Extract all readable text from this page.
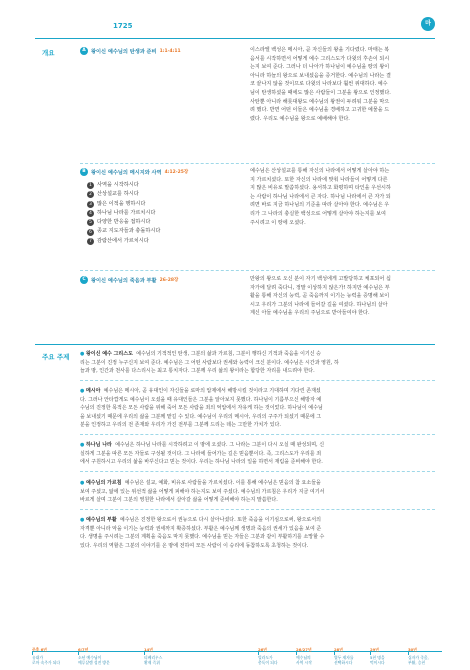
1725	마
개요	A	왕이신 예수님의 탄생과 준비 1:1-4:11	이스라엘 백성은 메시아, 곧 자신들의 왕을 기다렸다. 마태는 복
음서를 시작하면서 어떻게 예수 그리스도가 다윗의 후손이 되시
는지 보여 준다. 그러나 더 나아가 하나님이 예수님을 땅의 왕이
아니라 하늘의 왕으로 보내셨음을 증거한다. 예수님의 나라는 결
코 끝나지 않을 것이므로 다윗의 나라보다 훨씬 위대하다. 예수
님이 탄생하셨을 때에도 많은 사람들이 그분을 왕으로 인정했다.
사탄뿐 아니라 해롯대왕도 예수님의 왕권이 두려워 그분을 막으
려 했다. 반면 어떤 이들은 예수님을 경배하고 고귀한 예물을 드
렸다. 우리도 예수님을 왕으로 예배해야 한다.
B	왕이신 예수님의 메시지와 사역 4:12-25장
1 사역을 시작하시다
2 산상설교를 하시다
3 많은 이적을 행하시다
4 하나님 나라를 가르치시다
5 다양한 반응을 접하시다
6 종교 지도자들과 충돌하시다
7 감람산에서 가르치시다
예수님은 산상설교를 통해 자신의 나라에서 어떻게 살아야 하는
지 가르치셨다. 또한 자신의 나라에 맞춰 나라들이 어떻게 다른
지 많은 비유로 말씀하셨다. 용서하고 화평하며 타인을 우선시하
는 사람이 하나님 나라에서 큰 자다. 하나님 나라에서 큰 자가 되
려면 바로 지금 하나님의 기준을 따라 살아야 한다. 예수님은 우
리가 그 나라의 충실한 백성으로 어떻게 살아야 하는지를 보여
주시려고 이 땅에 오셨다.
C	왕이신 예수님의 죽음과 부활 26-28장	만왕의 왕으로 오신 분이 자기 백성에게 고발당하고 체포되어 십
자가에 달려 죽다니, 정말 이상하지 않은가! 하지만 예수님은 부
활을 통해 자신의 능력, 곧 죽음까지 이기는 능력을 증명해 보이
시고 우리가 그분의 나라에 들어갈 길을 여셨다. 하나님의 살아
계신 아들 예수님을 우리의 주님으로 받아들여야 한다.
주요 주제 ● 왕이신 예수 그리스도 예수님의 기적적인 탄생, 그분의 삶과 가르침, 그분이 행하신 기적과 죽음을 이기신 승
리는 그분이 진정 누구신지 보여 준다. 예수님은 그 어떤 사람보다 권세와 능력이 크신 분이다. 예수님은 시간과 영원, 하
늘과 땅, 인간과 천사를 다스리시는 최고 통치자다. 그분께 우리 삶의 왕이라는 합당한 자리를 내드려야 한다.
● 메시아 예수님은 메시아, 곧 유대인이 자신들을 로마의 압제에서 해방시킬 것이라고 기대하며 기다린 존재셨
다. 그러나 안타깝게도 예수님이 오셨을 때 유대인들은 그분을 알아보지 못했다. 하나님이 기름부으신 해방자 예
수님의 진정한 목적은 모든 사람을 위해 죽어 모든 사람을 죄의 억압에서 자유케 하는 것이었다. 하나님이 예수님
을 보내셨기 때문에 우리의 삶을 그분께 맡길 수 있다. 예수님이 우리의 메시아, 우리의 구주가 되셨기 때문에 그
분을 인정하고 우리의 전 존재와 우리가 가진 전부를 그분께 드리는 데는 그만한 가치가 있다.
● 하나님 나라 예수님은 하나님 나라를 시작하려고 이 땅에 오셨다. 그 나라는 그분이 다시 오실 때 완성되며, 신
실하게 그분을 따른 모든 자들로 구성될 것이다. 그 나라에 들어가는 길은 믿음뿐이다. 즉, 그리스도가 우리를 죄
에서 구원하시고 우리의 삶을 바꾸신다고 믿는 것이다. 우리는 하나님 나라의 일을 하면서 재림을 준비해야 한다.
● 예수님의 가르침 예수님은 설교, 예화, 비유로 사람들을 가르치셨다. 이를 통해 예수님은 믿음의 참 요소들을
보여 주셨고, 앎에 있는 위선적 삶을 어떻게 피해야 하는지도 보여 주셨다. 예수님의 가르침은 우리가 지금 여기서
바르게 살며 그분이 그분의 영원한 나라에서 살아갈 삶을 어떻게 준비해야 하는지 말씀한다.
● 예수님의 부활 예수님은 진정한 왕으로서 권능으로 다시 살아나셨다. 또한 죽음을 이기심으로써, 왕으로서의
자격뿐 아니라 악을 이기는 능력과 권세까지 확증하셨다. 부활은 예수님께 생명과 죽음의 권세가 있음을 보여 준
다. 생명을 주시려는 그분의 계획을 죽음도 막지 못했다. 예수님을 믿는 자들은 그분과 같이 부활하기를 소망할 수
있다. 우리의 역할은 그분의 이야기를 온 땅에 전하여 모든 사람이 이 승리에 동참하도록 초청하는 것이다.
주후 6년
유대가
로마 속주가 되다
6/7년
소년 예수님이
예루살렘 성전 방문
14년
티베리우스
황제 즉위
26년
빌라도가
총독이 되다
26/27년
예수님의
사역 시작
28년
열두 제자를
선택하시다
29년
5천 명을
먹이시다
30년
십자가 죽음,
부활, 승천
